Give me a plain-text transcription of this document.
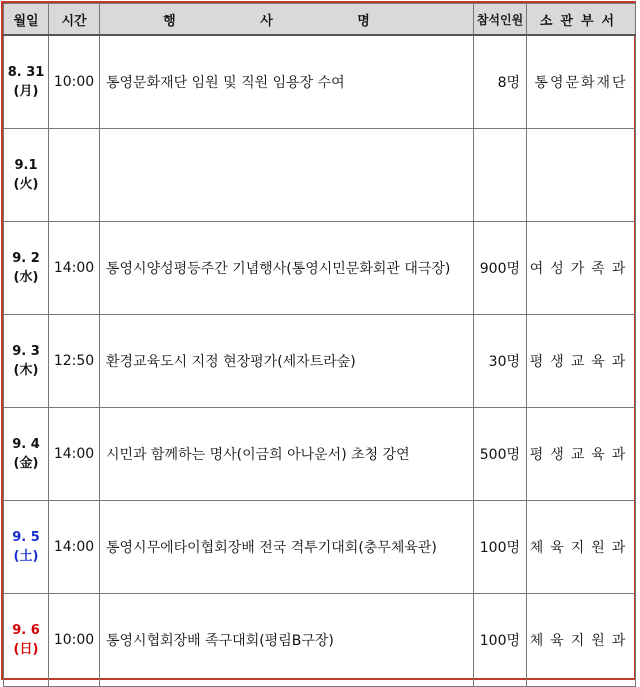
월일	시간	행 사 명	참석인원	소관부서

8. 31
(月)	10:00	통영문화재단 임원 및 직원 임용장 수여	8명	통영문화재단

9.1
(火)				

9. 2
(水)	14:00	통영시양성평등주간 기념행사(통영시민문화회관 대극장)	900명	여성가족과

9. 3
(木)	12:50	환경교육도시 지정 현장평가(세자트라숲)	30명	평생교육과

9. 4
(金)	14:00	시민과 함께하는 명사(이금희 아나운서) 초청 강연	500명	평생교육과

9. 5
(土)	14:00	통영시무에타이협회장배 전국 격투기대회(충무체육관)	100명	체육지원과

9. 6
(日)	10:00	통영시협회장배 족구대회(평림B구장)	100명	체육지원과
